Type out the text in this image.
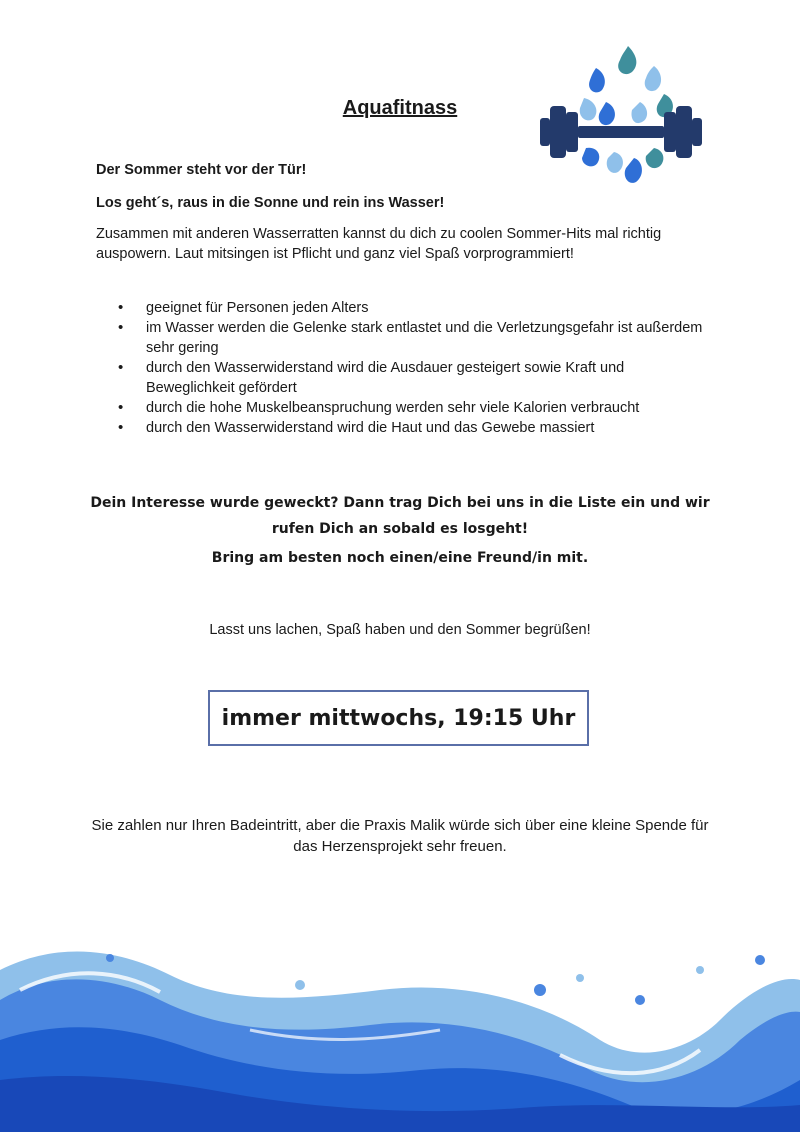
Aquafitnass
Der Sommer steht vor der Tür!
Los geht´s, raus in die Sonne und rein ins Wasser!
Zusammen mit anderen Wasserratten kannst du dich zu coolen Sommer-Hits mal richtig auspowern. Laut mitsingen ist Pflicht und ganz viel Spaß vorprogrammiert!
• geeignet für Personen jeden Alters
• im Wasser werden die Gelenke stark entlastet und die Verletzungsgefahr ist außerdem sehr gering
• durch den Wasserwiderstand wird die Ausdauer gesteigert sowie Kraft und Beweglichkeit gefördert
• durch die hohe Muskelbeanspruchung werden sehr viele Kalorien verbraucht
• durch den Wasserwiderstand wird die Haut und das Gewebe massiert
Dein Interesse wurde geweckt? Dann trag Dich bei uns in die Liste ein und wir rufen Dich an sobald es losgeht!
Bring am besten noch einen/eine Freund/in mit.
Lasst uns lachen, Spaß haben und den Sommer begrüßen!
immer mittwochs, 19:15 Uhr
Sie zahlen nur Ihren Badeintritt, aber die Praxis Malik würde sich über eine kleine Spende für das Herzensprojekt sehr freuen.
